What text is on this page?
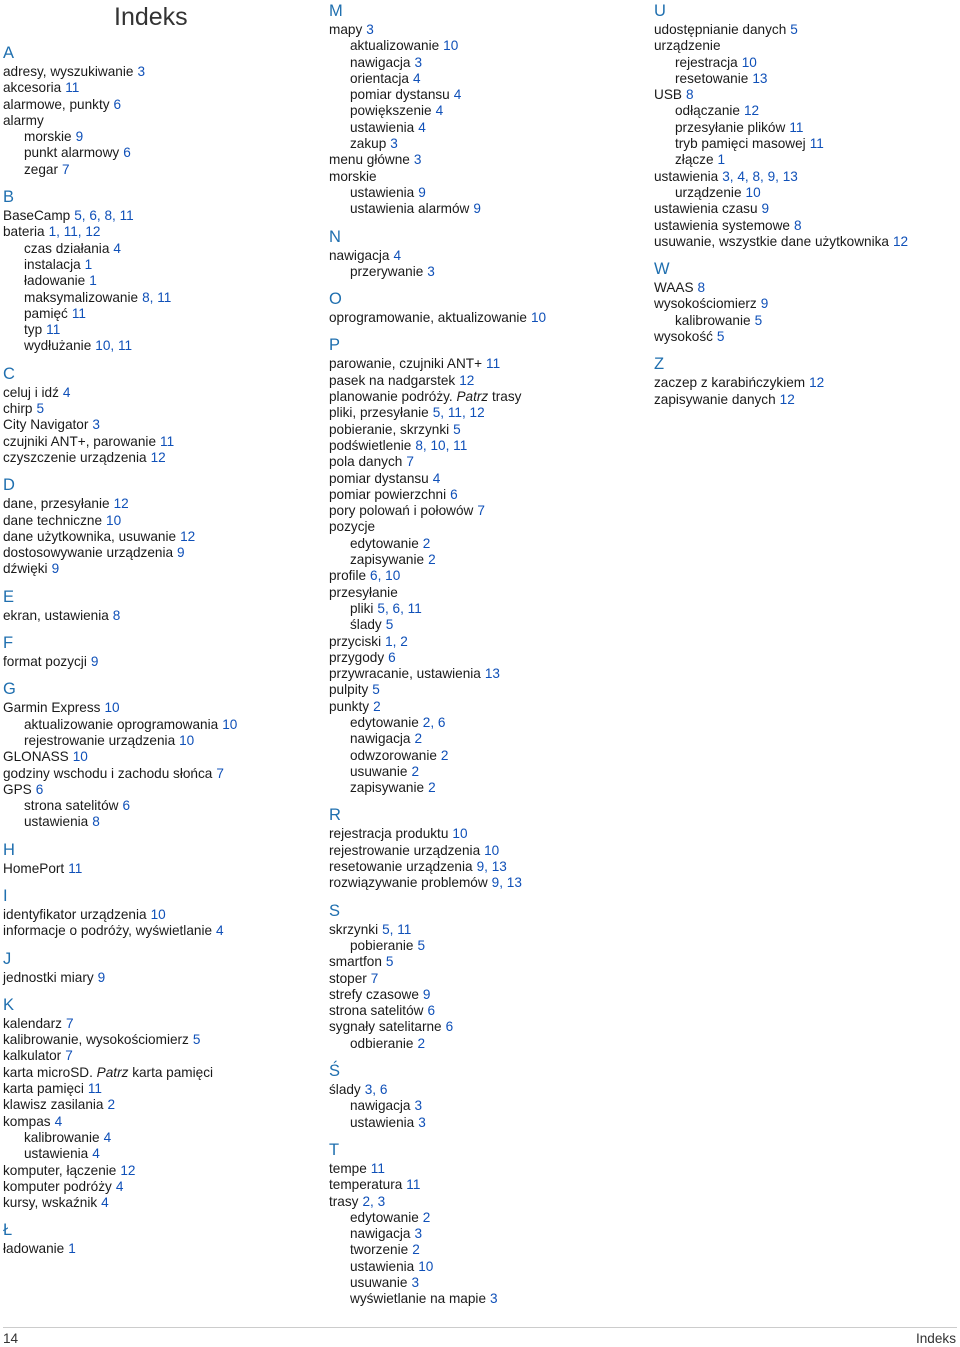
Indeks
A
adresy, wyszukiwanie 3
akcesoria 11
alarmowe, punkty 6
alarmy
morskie 9
punkt alarmowy 6
zegar 7
B
BaseCamp 5, 6, 8, 11
bateria 1, 11, 12
czas działania 4
instalacja 1
ładowanie 1
maksymalizowanie 8, 11
pamięć 11
typ 11
wydłużanie 10, 11
C
celuj i idź 4
chirp 5
City Navigator 3
czujniki ANT+, parowanie 11
czyszczenie urządzenia 12
D
dane, przesyłanie 12
dane techniczne 10
dane użytkownika, usuwanie 12
dostosowywanie urządzenia 9
dźwięki 9
E
ekran, ustawienia 8
F
format pozycji 9
G
Garmin Express 10
aktualizowanie oprogramowania 10
rejestrowanie urządzenia 10
GLONASS 10
godziny wschodu i zachodu słońca 7
GPS 6
strona satelitów 6
ustawienia 8
H
HomePort 11
I
identyfikator urządzenia 10
informacje o podróży, wyświetlanie 4
J
jednostki miary 9
K
kalendarz 7
kalibrowanie, wysokościomierz 5
kalkulator 7
karta microSD. Patrz karta pamięci
karta pamięci 11
klawisz zasilania 2
kompas 4
kalibrowanie 4
ustawienia 4
komputer, łączenie 12
komputer podróży 4
kursy, wskaźnik 4
Ł
ładowanie 1
M
mapy 3
aktualizowanie 10
nawigacja 3
orientacja 4
pomiar dystansu 4
powiększenie 4
ustawienia 4
zakup 3
menu główne 3
morskie
ustawienia 9
ustawienia alarmów 9
N
nawigacja 4
przerywanie 3
O
oprogramowanie, aktualizowanie 10
P
parowanie, czujniki ANT+ 11
pasek na nadgarstek 12
planowanie podróży. Patrz trasy
pliki, przesyłanie 5, 11, 12
pobieranie, skrzynki 5
podświetlenie 8, 10, 11
pola danych 7
pomiar dystansu 4
pomiar powierzchni 6
pory polowań i połowów 7
pozycje
edytowanie 2
zapisywanie 2
profile 6, 10
przesyłanie
pliki 5, 6, 11
ślady 5
przyciski 1, 2
przygody 6
przywracanie, ustawienia 13
pulpity 5
punkty 2
edytowanie 2, 6
nawigacja 2
odwzorowanie 2
usuwanie 2
zapisywanie 2
R
rejestracja produktu 10
rejestrowanie urządzenia 10
resetowanie urządzenia 9, 13
rozwiązywanie problemów 9, 13
S
skrzynki 5, 11
pobieranie 5
smartfon 5
stoper 7
strefy czasowe 9
strona satelitów 6
sygnały satelitarne 6
odbieranie 2
Ś
ślady 3, 6
nawigacja 3
ustawienia 3
T
tempe 11
temperatura 11
trasy 2, 3
edytowanie 2
nawigacja 3
tworzenie 2
ustawienia 10
usuwanie 3
wyświetlanie na mapie 3
U
udostępnianie danych 5
urządzenie
rejestracja 10
resetowanie 13
USB 8
odłączanie 12
przesyłanie plików 11
tryb pamięci masowej 11
złącze 1
ustawienia 3, 4, 8, 9, 13
urządzenie 10
ustawienia czasu 9
ustawienia systemowe 8
usuwanie, wszystkie dane użytkownika 12
W
WAAS 8
wysokościomierz 9
kalibrowanie 5
wysokość 5
Z
zaczep z karabińczykiem 12
zapisywanie danych 12
14	Indeks
